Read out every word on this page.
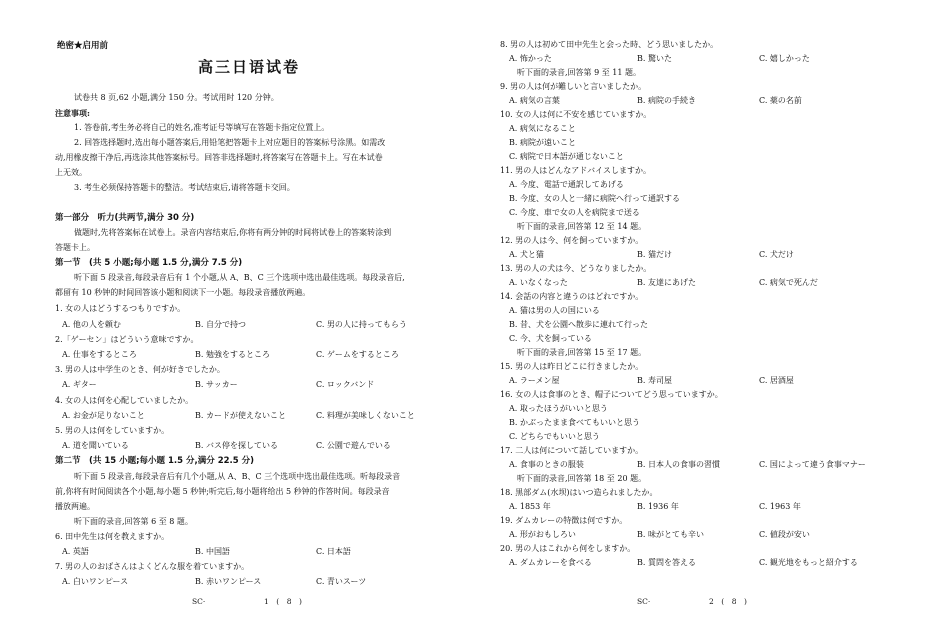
绝密★启用前
高三日语试卷
试卷共 8 页,62 小题,满分 150 分。考试用时 120 分钟。
注意事项:
1. 答卷前,考生务必将自己的姓名,准考证号等填写在答题卡指定位置上。
2. 回答选择题时,选出每小题答案后,用铅笔把答题卡上对应题目的答案标号涂黑。如需改
动,用橡皮擦干净后,再选涂其他答案标号。回答非选择题时,将答案写在答题卡上。写在本试卷
上无效。
3. 考生必须保持答题卡的整洁。考试结束后,请将答题卡交回。
第一部分　听力(共两节,满分 30 分)
做题时,先将答案标在试卷上。录音内容结束后,你将有两分钟的时间将试卷上的答案转涂到
答题卡上。
第一节　(共 5 小题;每小题 1.5 分,满分 7.5 分)
听下面 5 段录音,每段录音后有 1 个小题,从 A、B、C 三个选项中选出最佳选项。每段录音后,
都留有 10 秒钟的时间回答该小题和阅读下一小题。每段录音播放两遍。
1. 女の人はどうするつもりですか。
A. 他の人を頼む	B. 自分で持つ	C. 男の人に持ってもらう
2.「ゲーセン」はどういう意味ですか。
A. 仕事をするところ	B. 勉強をするところ	C. ゲームをするところ
3. 男の人は中学生のとき、何が好きでしたか。
A. ギター	B. サッカー	C. ロックバンド
4. 女の人は何を心配していましたか。
A. お金が足りないこと	B. カードが使えないこと	C. 料理が美味しくないこと
5. 男の人は何をしていますか。
A. 道を聞いている	B. バス停を探している	C. 公園で遊んでいる
第二节　(共 15 小题;每小题 1.5 分,满分 22.5 分)
听下面 5 段录音,每段录音后有几个小题,从 A、B、C 三个选项中选出最佳选项。听每段录音
前,你将有时间阅读各个小题,每小题 5 秒钟;听完后,每小题将给出 5 秒钟的作答时间。每段录音
播放两遍。
听下面的录音,回答第 6 至 8 题。
6. 田中先生は何を教えますか。
A. 英語	B. 中国語	C. 日本語
7. 男の人のおばさんはよくどんな服を着ていますか。
A. 白いワンピース	B. 赤いワンピース	C. 青いスーツ
SC·	1　(　8　)
8. 男の人は初めて田中先生と会った時、どう思いましたか。
A. 怖かった	B. 驚いた	C. 嬉しかった
听下面的录音,回答第 9 至 11 题。
9. 男の人は何が難しいと言いましたか。
A. 病気の言葉	B. 病院の手続き	C. 薬の名前
10. 女の人は何に不安を感じていますか。
A. 病気になること
B. 病院が遠いこと
C. 病院で日本語が通じないこと
11. 男の人はどんなアドバイスしますか。
A. 今度、電話で通訳してあげる
B. 今度、女の人と一緒に病院へ行って通訳する
C. 今度、車で女の人を病院まで送る
听下面的录音,回答第 12 至 14 题。
12. 男の人は今、何を飼っていますか。
A. 犬と猫	B. 猫だけ	C. 犬だけ
13. 男の人の犬は今、どうなりましたか。
A. いなくなった	B. 友達にあげた	C. 病気で死んだ
14. 会話の内容と違うのはどれですか。
A. 猫は男の人の国にいる
B. 昔、犬を公園へ散歩に連れて行った
C. 今、犬を飼っている
听下面的录音,回答第 15 至 17 题。
15. 男の人は昨日どこに行きましたか。
A. ラーメン屋	B. 寿司屋	C. 居酒屋
16. 女の人は食事のとき、帽子についてどう思っていますか。
A. 取ったほうがいいと思う
B. かぶったまま食べてもいいと思う
C. どちらでもいいと思う
17. 二人は何について話していますか。
A. 食事のときの服装	B. 日本人の食事の習慣	C. 国によって違う食事マナー
听下面的录音,回答第 18 至 20 题。
18. 黒部ダム(水坝)はいつ造られましたか。
A. 1853 年	B. 1936 年	C. 1963 年
19. ダムカレーの特徴は何ですか。
A. 形がおもしろい	B. 味がとても辛い	C. 値段が安い
20. 男の人はこれから何をしますか。
A. ダムカレーを食べる	B. 質問を答える	C. 観光地をもっと紹介する
SC·	2　(　8　)
